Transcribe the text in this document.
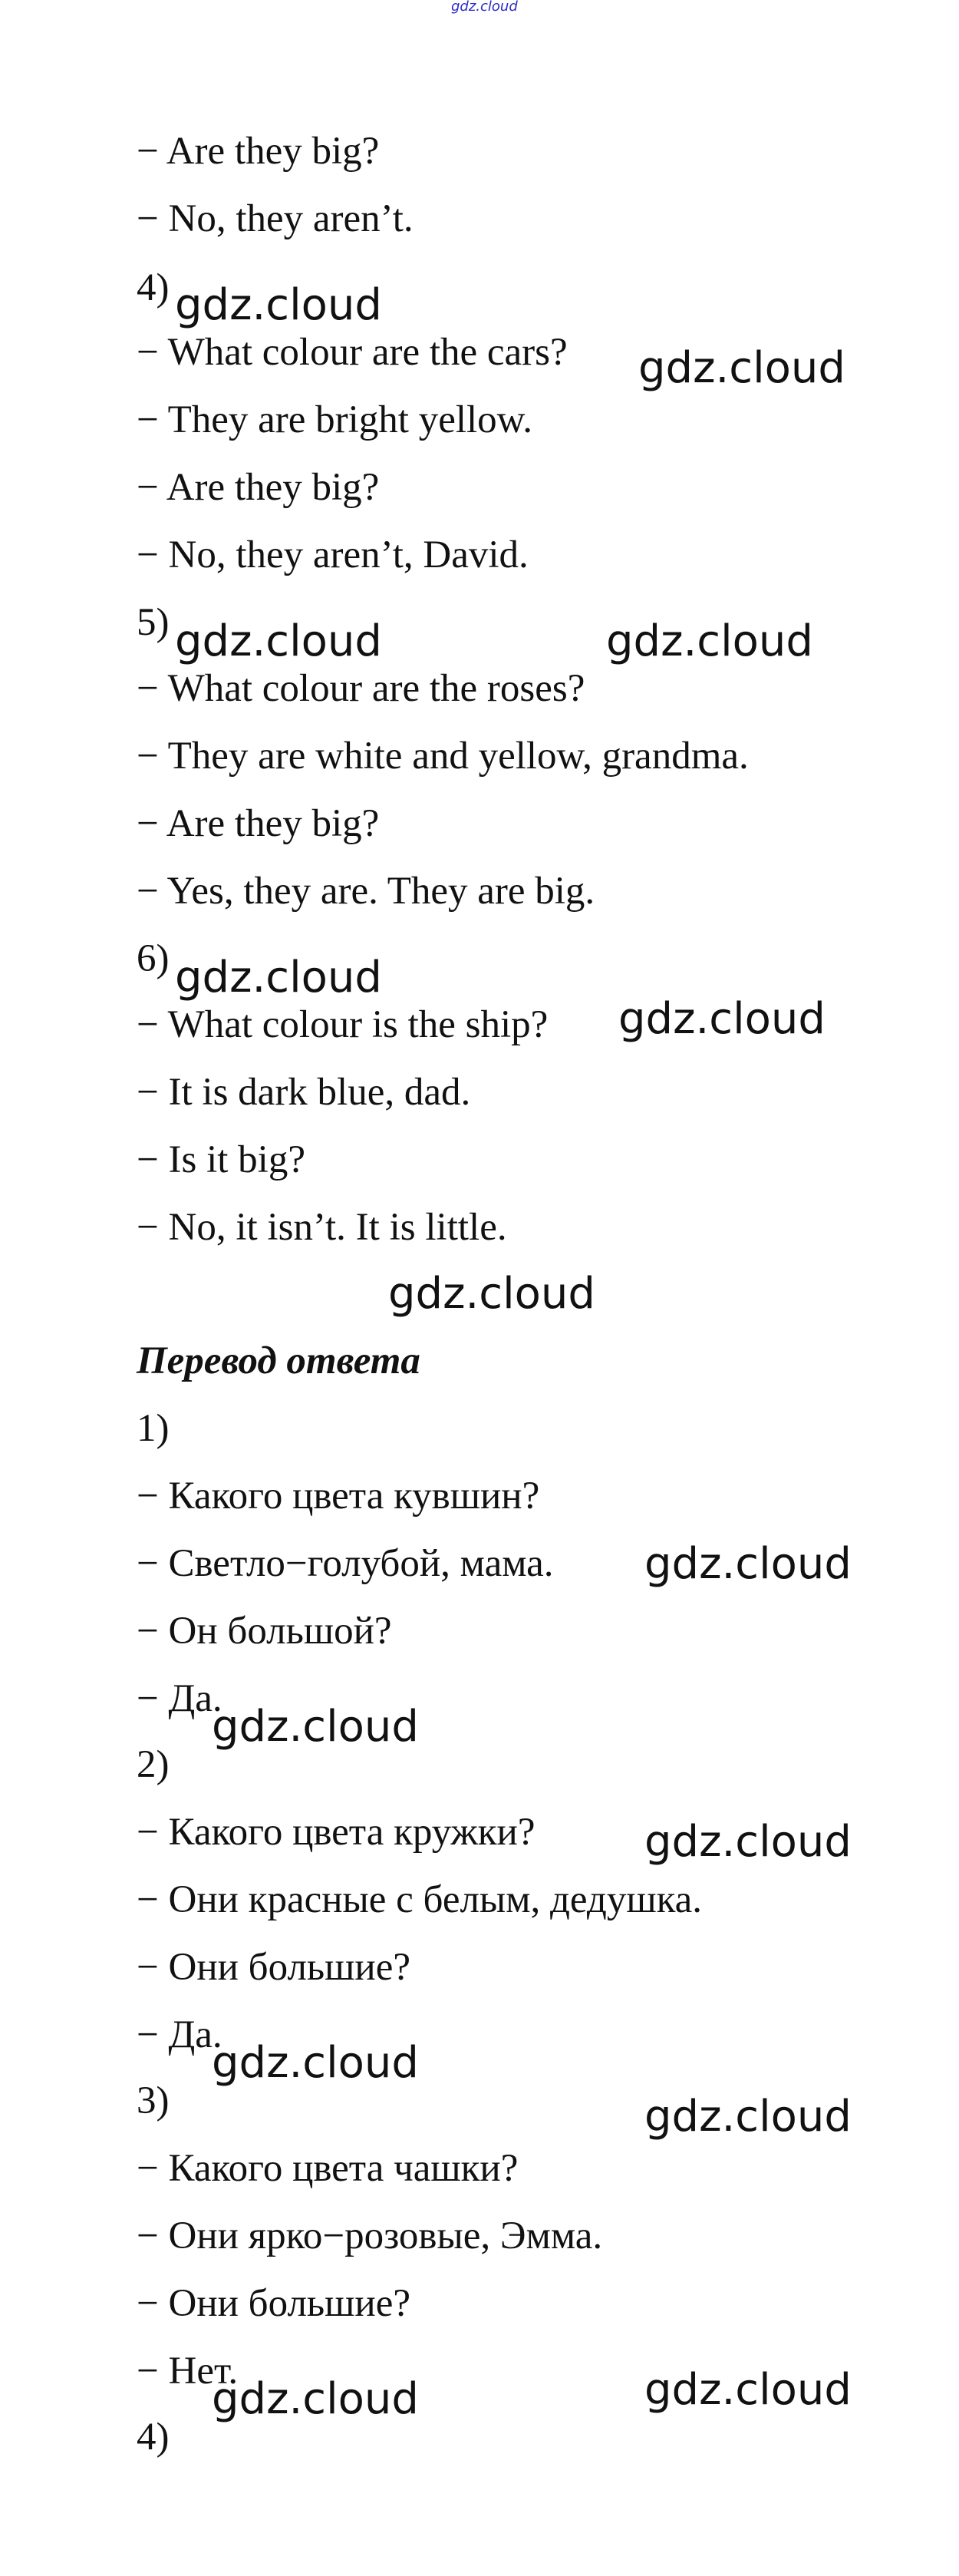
gdz.cloud
− Are they big?
− No, they aren’t.
4)
− What colour are the cars?
− They are bright yellow.
− Are they big?
− No, they aren’t, David.
5)
− What colour are the roses?
− They are white and yellow, grandma.
− Are they big?
− Yes, they are. They are big.
6)
− What colour is the ship?
− It is dark blue, dad.
− Is it big?
− No, it isn’t. It is little.
Перевод ответа
1)
− Какого цвета кувшин?
− Светло−голубой, мама.
− Он большой?
− Да.
2)
− Какого цвета кружки?
− Они красные с белым, дедушка.
− Они большие?
− Да.
3)
− Какого цвета чашки?
− Они ярко−розовые, Эмма.
− Они большие?
− Нет.
4)
gdz.cloud
gdz.cloud
gdz.cloud	gdz.cloud
gdz.cloud
gdz.cloud
gdz.cloud
gdz.cloud
gdz.cloud
gdz.cloud
gdz.cloud
gdz.cloud
gdz.cloud	gdz.cloud
